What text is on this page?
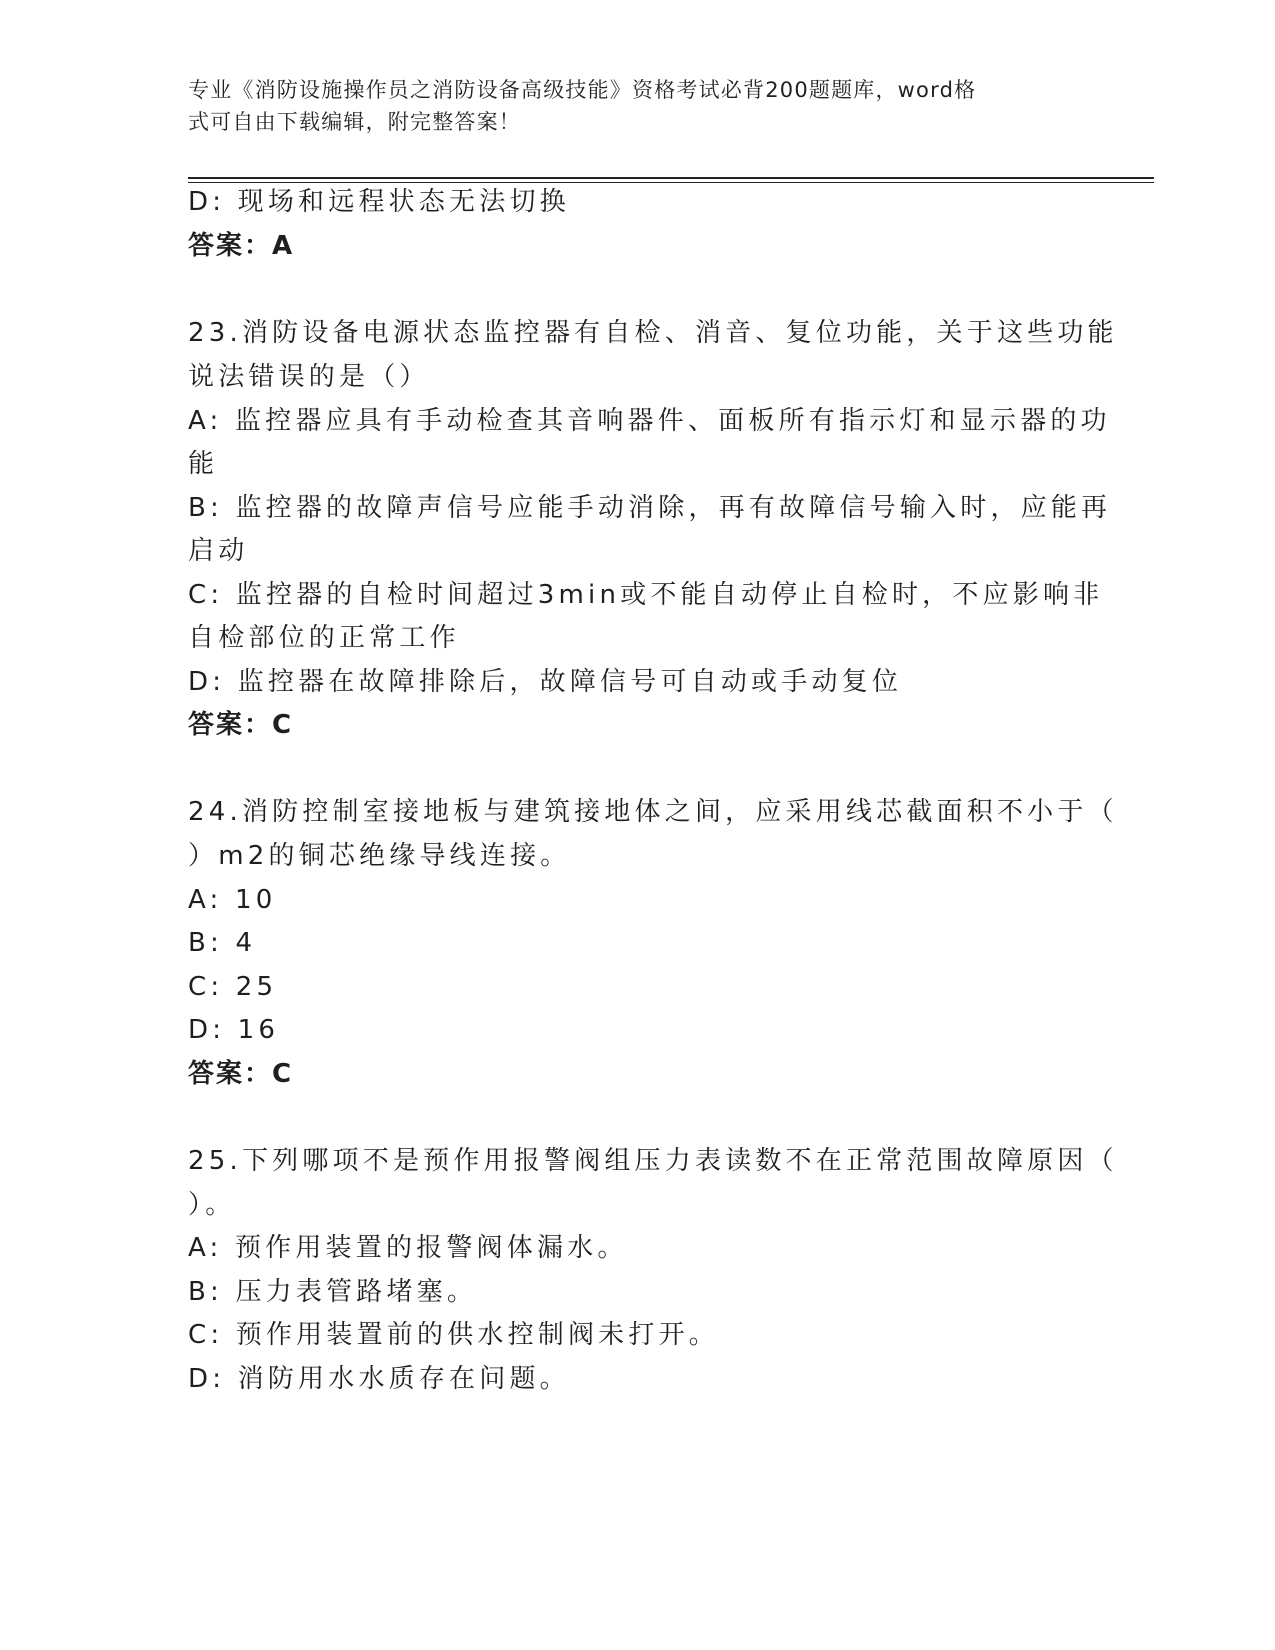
专业《消防设施操作员之消防设备高级技能》资格考试必背200题题库，word格
式可自由下载编辑，附完整答案！
D: 现场和远程状态无法切换
答案：A
23.消防设备电源状态监控器有自检、消音、复位功能，关于这些功能
说法错误的是（）
A: 监控器应具有手动检查其音响器件、面板所有指示灯和显示器的功
能
B: 监控器的故障声信号应能手动消除，再有故障信号输入时，应能再
启动
C: 监控器的自检时间超过3min或不能自动停止自检时，不应影响非
自检部位的正常工作
D: 监控器在故障排除后，故障信号可自动或手动复位
答案：C
24.消防控制室接地板与建筑接地体之间，应采用线芯截面积不小于（
）m2的铜芯绝缘导线连接。
A: 10
B: 4
C: 25
D: 16
答案：C
25.下列哪项不是预作用报警阀组压力表读数不在正常范围故障原因（
）。
A: 预作用装置的报警阀体漏水。
B: 压力表管路堵塞。
C: 预作用装置前的供水控制阀未打开。
D: 消防用水水质存在问题。
